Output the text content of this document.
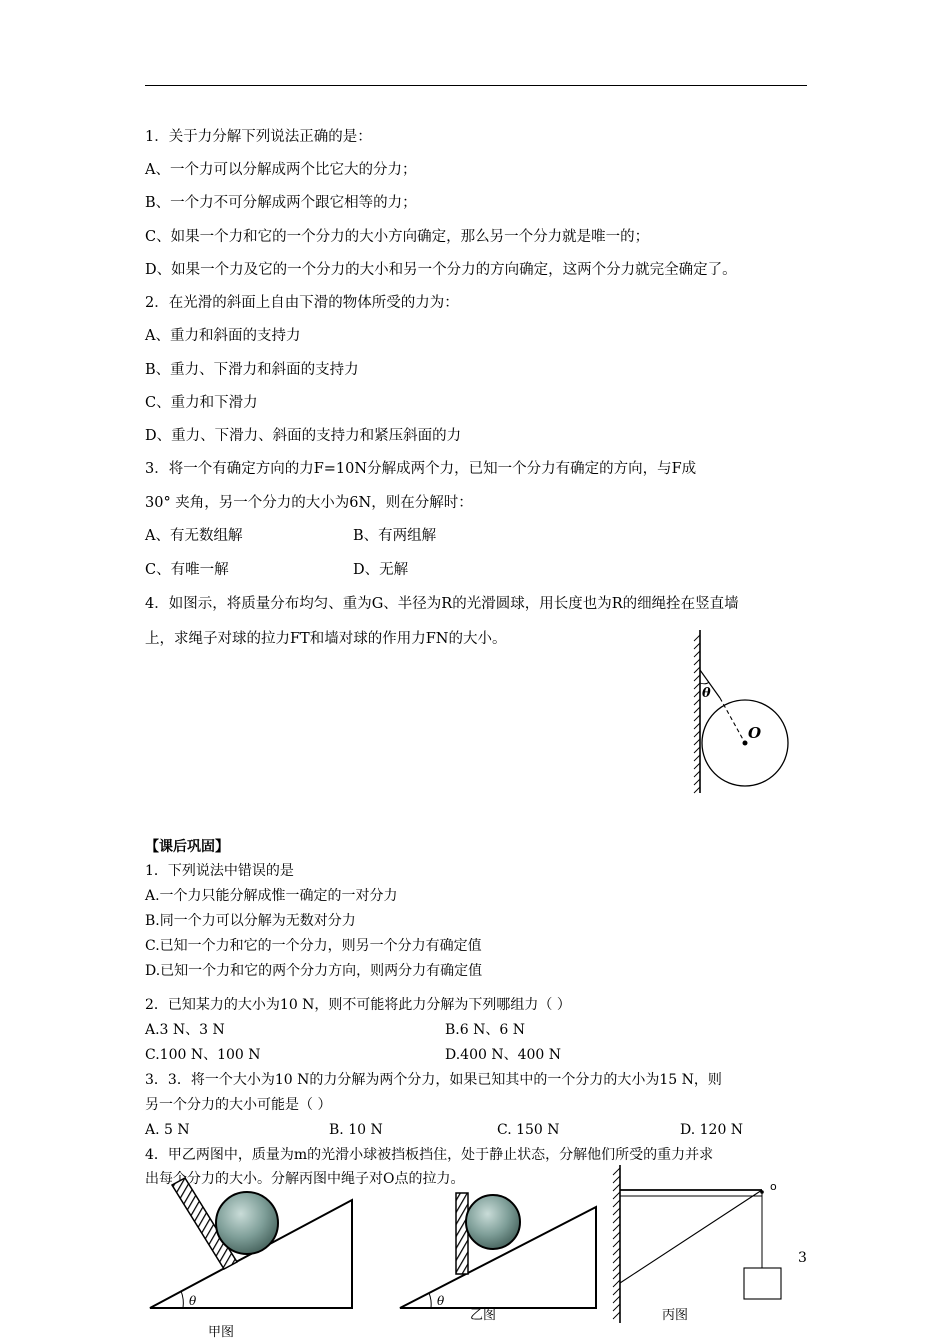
1．关于力分解下列说法正确的是：
A、一个力可以分解成两个比它大的分力；
B、一个力不可分解成两个跟它相等的力；
C、如果一个力和它的一个分力的大小方向确定，那么另一个分力就是唯一的；
D、如果一个力及它的一个分力的大小和另一个分力的方向确定，这两个分力就完全确定了。
2．在光滑的斜面上自由下滑的物体所受的力为：
A、重力和斜面的支持力
B、重力、下滑力和斜面的支持力
C、重力和下滑力
D、重力、下滑力、斜面的支持力和紧压斜面的力
3．将一个有确定方向的力F=10N分解成两个力，已知一个分力有确定的方向，与F成
30° 夹角，另一个分力的大小为6N，则在分解时：
A、有无数组解	B、有两组解
C、有唯一解	D、无解
4．如图示，将质量分布均匀、重为G、半径为R的光滑圆球，用长度也为R的细绳拴在竖直墙
上，求绳子对球的拉力FT和墙对球的作用力FN的大小。
θ
O
【课后巩固】
1．下列说法中错误的是
A.一个力只能分解成惟一确定的一对分力
B.同一个力可以分解为无数对分力
C.已知一个力和它的一个分力，则另一个分力有确定值
D.已知一个力和它的两个分力方向，则两分力有确定值
2．已知某力的大小为10 N，则不可能将此力分解为下列哪组力（ ）
A.3 N、3 N	B.6 N、6 N
C.100 N、100 N	D.400 N、400 N
3．3．将一个大小为10 N的力分解为两个分力，如果已知其中的一个分力的大小为15 N，则
另一个分力的大小可能是（ ）
A. 5 N	B. 10 N	C. 150 N	D. 120 N
4．甲乙两图中，质量为m的光滑小球被挡板挡住，处于静止状态，分解他们所受的重力并求
出每个分力的大小。分解丙图中绳子对O点的拉力。
θ
甲图
θ
乙图
o
丙图
3
